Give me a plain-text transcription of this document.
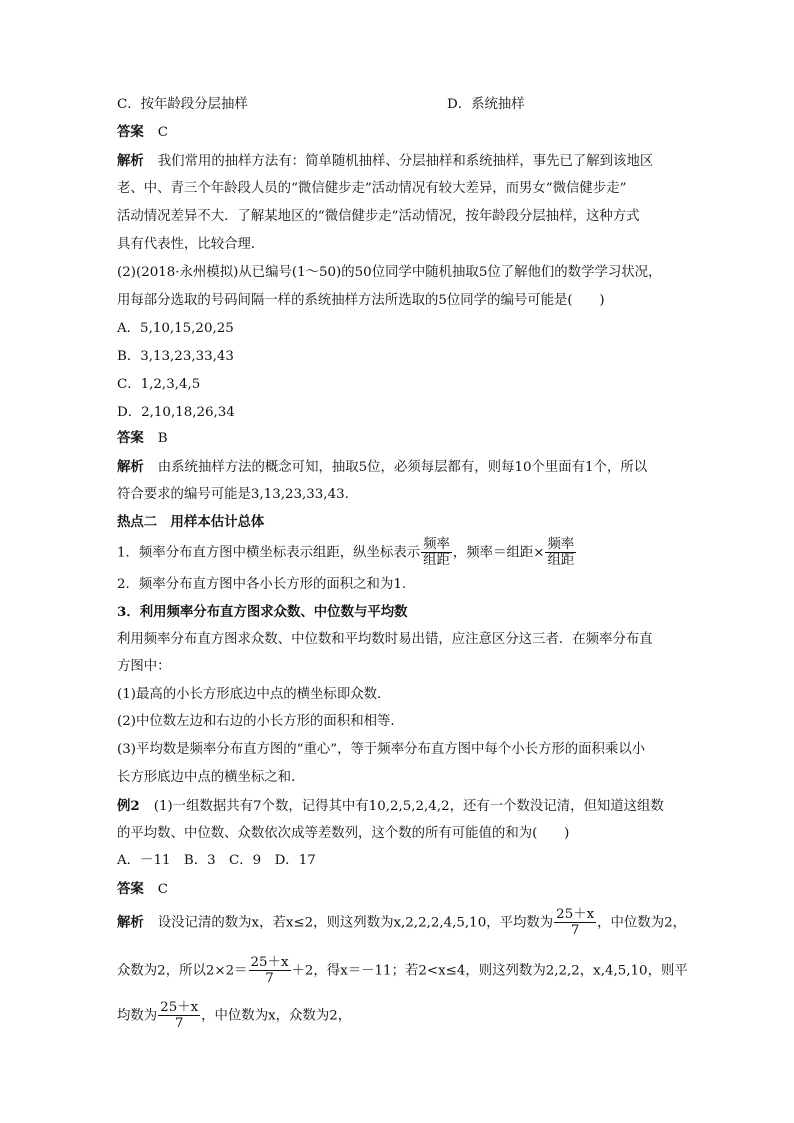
C．按年龄段分层抽样	D．系统抽样
答案 C
解析 我们常用的抽样方法有：简单随机抽样、分层抽样和系统抽样，事先已了解到该地区
老、中、青三个年龄段人员的“微信健步走”活动情况有较大差异，而男女“微信健步走”
活动情况差异不大．了解某地区的“微信健步走”活动情况，按年龄段分层抽样，这种方式
具有代表性，比较合理．
(2)(2018·永州模拟)从已编号(1～50)的50位同学中随机抽取5位了解他们的数学学习状况，
用每部分选取的号码间隔一样的系统抽样方法所选取的5位同学的编号可能是(　　)
A．5,10,15,20,25
B．3,13,23,33,43
C．1,2,3,4,5
D．2,10,18,26,34
答案 B
解析 由系统抽样方法的概念可知，抽取5位，必须每层都有，则每10个里面有1个，所以
符合要求的编号可能是3,13,23,33,43.
热点二　用样本估计总体
1．频率分布直方图中横坐标表示组距，纵坐标表示 $\frac{\text{频率}}{\text{组距}}$ ，频率＝组距× $\frac{\text{频率}}{\text{组距}}$
2．频率分布直方图中各小长方形的面积之和为1.
3．利用频率分布直方图求众数、中位数与平均数
利用频率分布直方图求众数、中位数和平均数时易出错，应注意区分这三者．在频率分布直
方图中：
(1)最高的小长方形底边中点的横坐标即众数．
(2)中位数左边和右边的小长方形的面积和相等．
(3)平均数是频率分布直方图的“重心”，等于频率分布直方图中每个小长方形的面积乘以小
长方形底边中点的横坐标之和．
例2 (1)一组数据共有7个数，记得其中有10,2,5,2,4,2，还有一个数没记清，但知道这组数
的平均数、中位数、众数依次成等差数列，这个数的所有可能值的和为(　　)
A．－11　B．3　C．9　D．17
答案 C
解析 设没记清的数为x，若x≤2，则这列数为x,2,2,2,4,5,10，平均数为 $\frac{25+x}{7}$ ，中位数为2，
众数为2，所以$2\times 2= \frac{25+x}{7} +2$，得x＝－11；若2<x≤4，则这列数为2,2,2，x,4,5,10，则平
均数为 $\frac{25+x}{7}$ ，中位数为x，众数为2，
